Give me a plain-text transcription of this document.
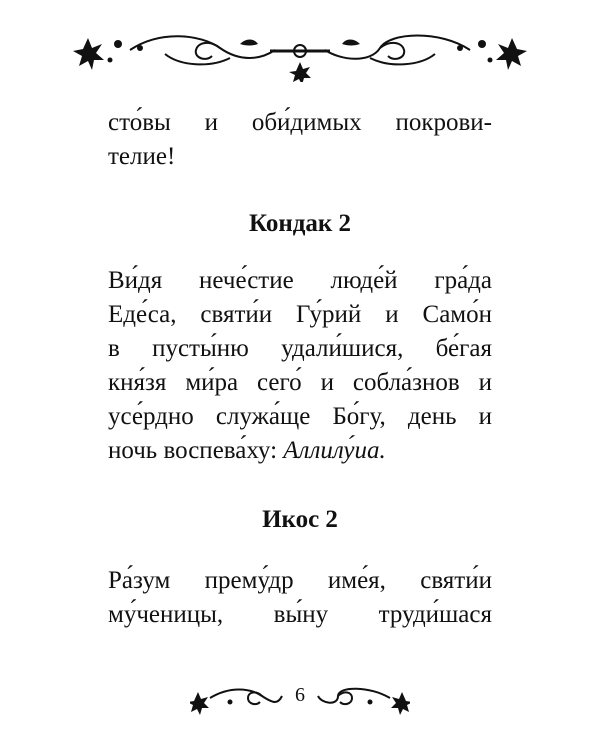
сто́вы и оби́димых покрови-
телие!
Кондак 2
Ви́дя нече́стие люде́й гра́да
Еде́са, святи́и Гу́рий и Само́н
в пусты́ню удали́шися, бе́гая
кня́зя ми́ра сего́ и собла́знов и
усе́рдно служа́ще Бо́гу, день и
ночь воспева́ху: Аллилу́иа.
Икос 2
Ра́зум прему́др име́я, святи́и
му́ченицы, вы́ну труди́шася
6
